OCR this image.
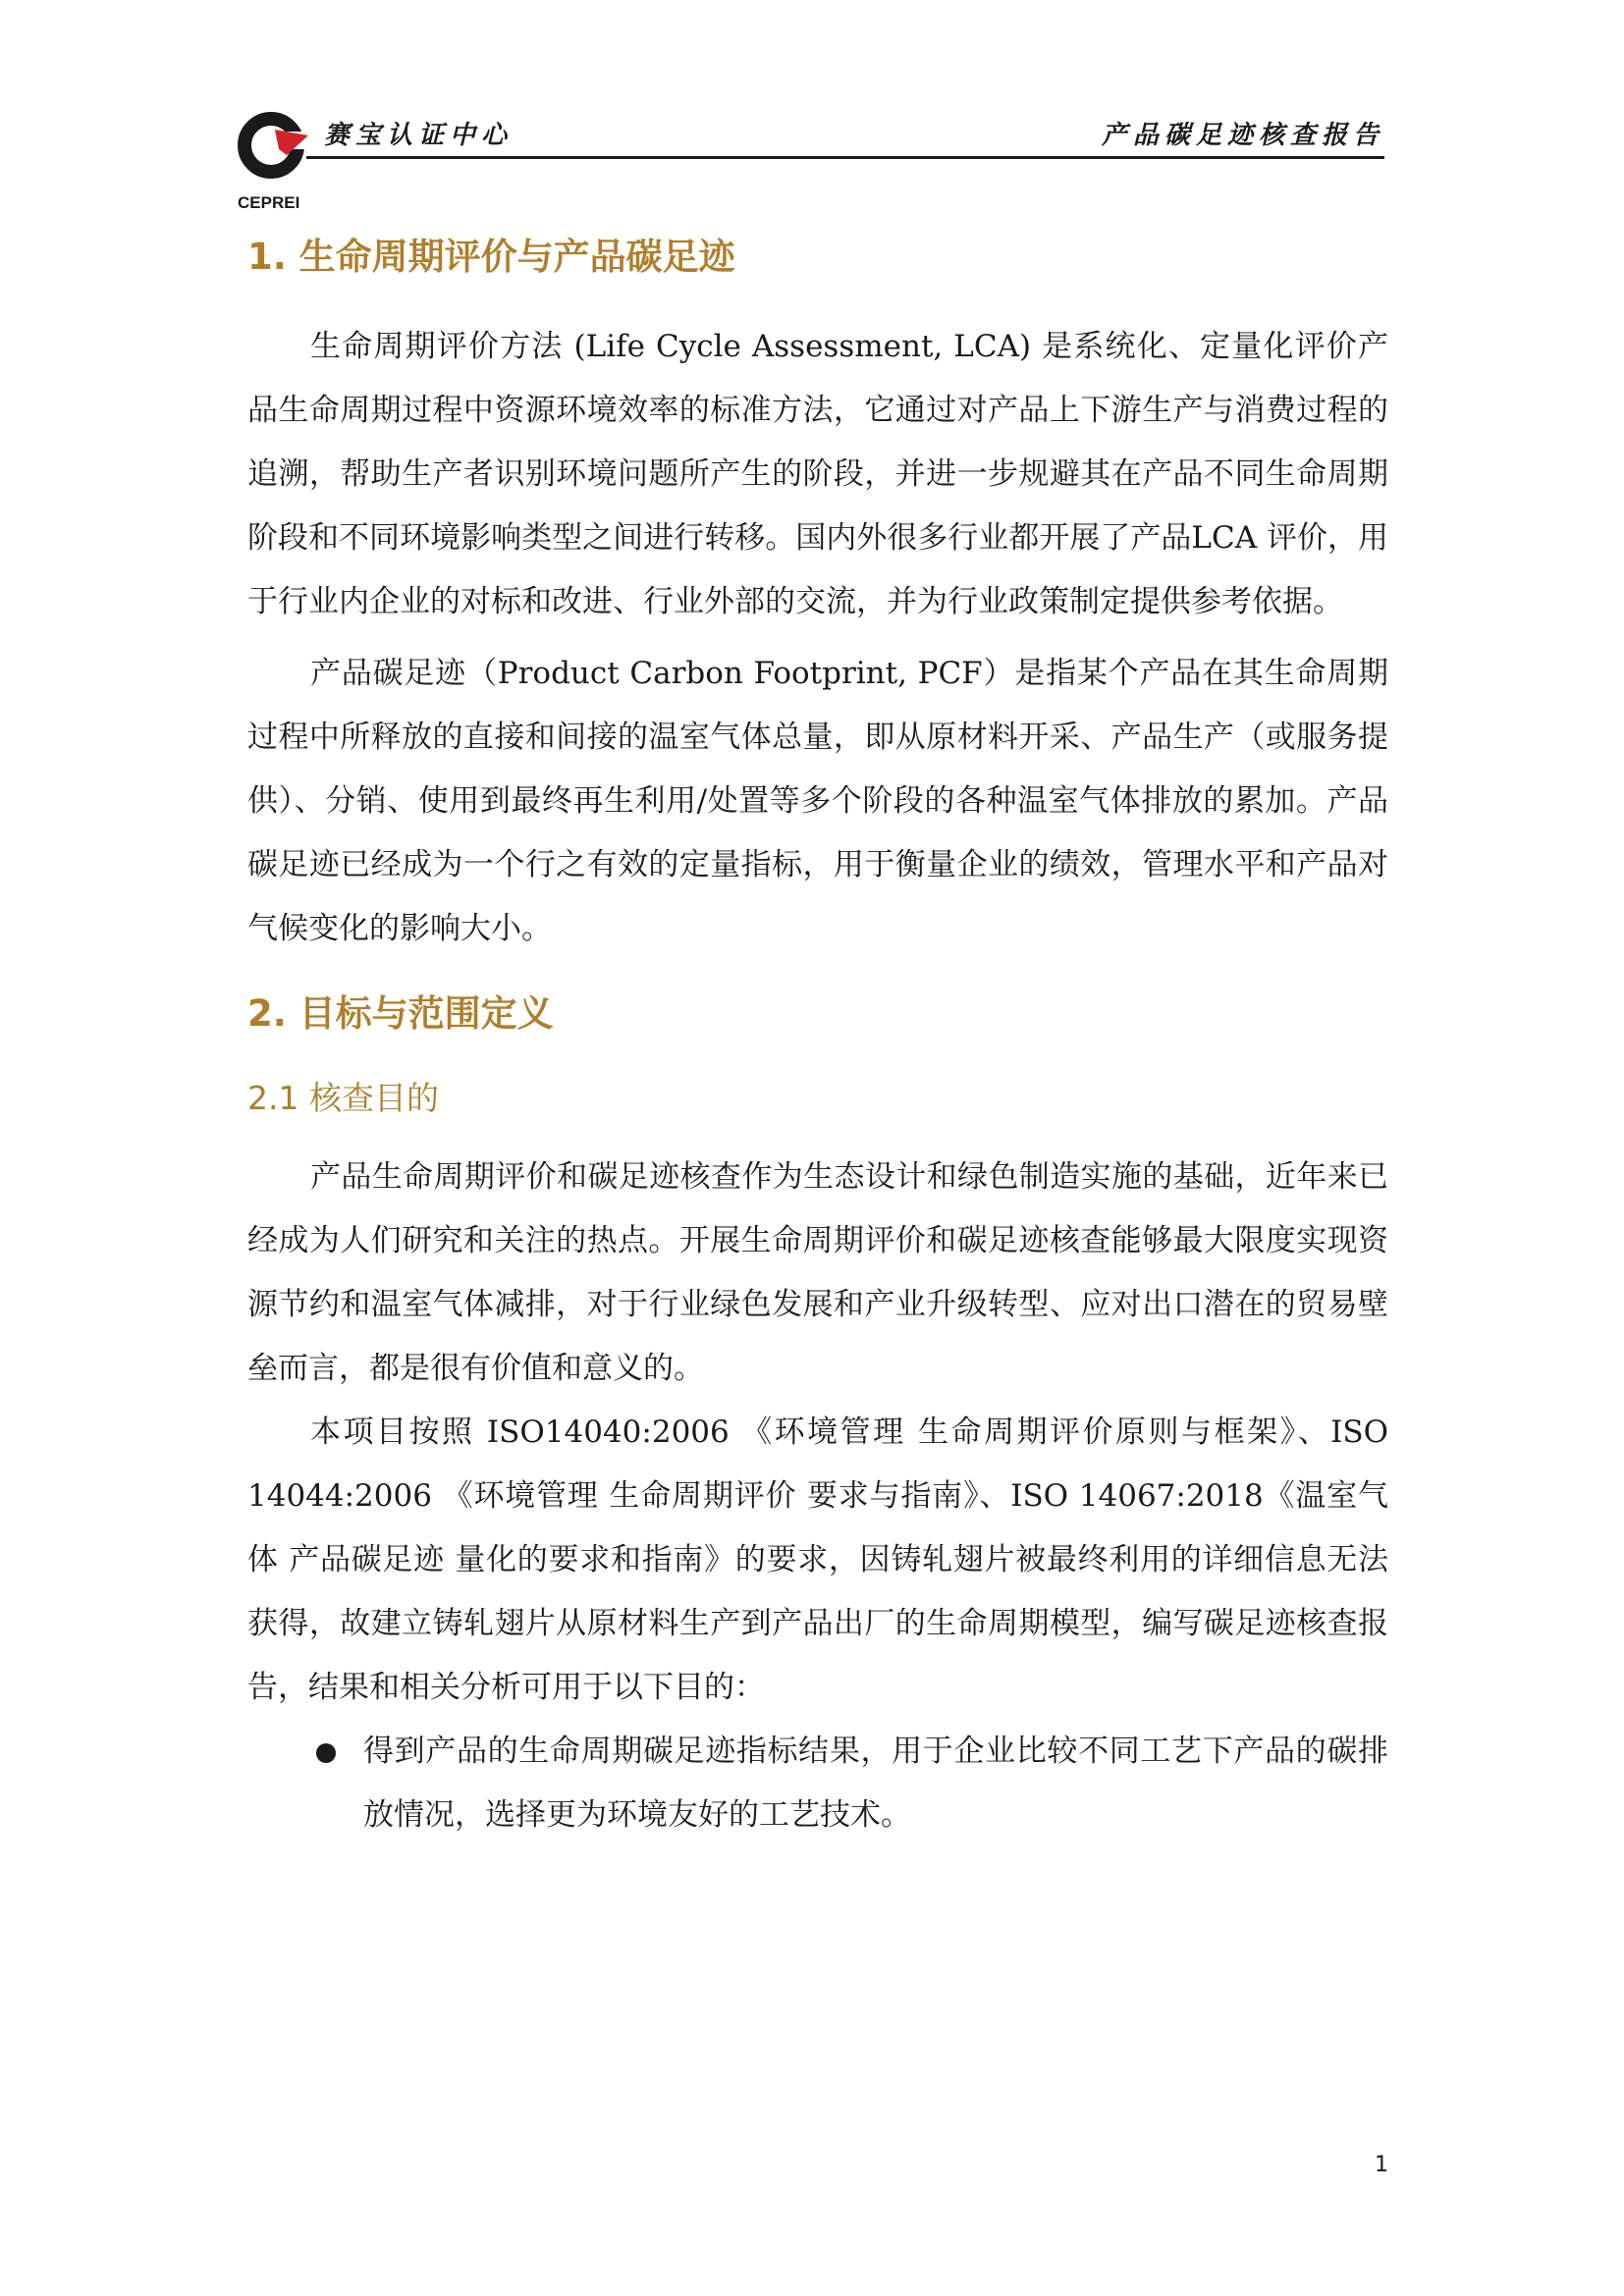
CEPREI
赛宝认证中心	产品碳足迹核查报告
1. 生命周期评价与产品碳足迹

生命周期评价方法 (Life Cycle Assessment, LCA) 是系统化、定量化评价产品生命周期过程中资源环境效率的标准方法，它通过对产品上下游生产与消费过程的追溯，帮助生产者识别环境问题所产生的阶段，并进一步规避其在产品不同生命周期阶段和不同环境影响类型之间进行转移。国内外很多行业都开展了产品LCA 评价，用于行业内企业的对标和改进、行业外部的交流，并为行业政策制定提供参考依据。

产品碳足迹（Product Carbon Footprint, PCF）是指某个产品在其生命周期过程中所释放的直接和间接的温室气体总量，即从原材料开采、产品生产（或服务提供）、分销、使用到最终再生利用/处置等多个阶段的各种温室气体排放的累加。产品碳足迹已经成为一个行之有效的定量指标，用于衡量企业的绩效，管理水平和产品对气候变化的影响大小。

2. 目标与范围定义
2.1 核查目的

产品生命周期评价和碳足迹核查作为生态设计和绿色制造实施的基础，近年来已经成为人们研究和关注的热点。开展生命周期评价和碳足迹核查能够最大限度实现资源节约和温室气体减排，对于行业绿色发展和产业升级转型、应对出口潜在的贸易壁垒而言，都是很有价值和意义的。

本项目按照 ISO14040:2006 《环境管理 生命周期评价原则与框架》、ISO 14044:2006 《环境管理 生命周期评价 要求与指南》、ISO 14067:2018《温室气体 产品碳足迹 量化的要求和指南》的要求，因铸轧翅片被最终利用的详细信息无法获得，故建立铸轧翅片从原材料生产到产品出厂的生命周期模型，编写碳足迹核查报告，结果和相关分析可用于以下目的：

得到产品的生命周期碳足迹指标结果，用于企业比较不同工艺下产品的碳排放情况，选择更为环境友好的工艺技术。
1
